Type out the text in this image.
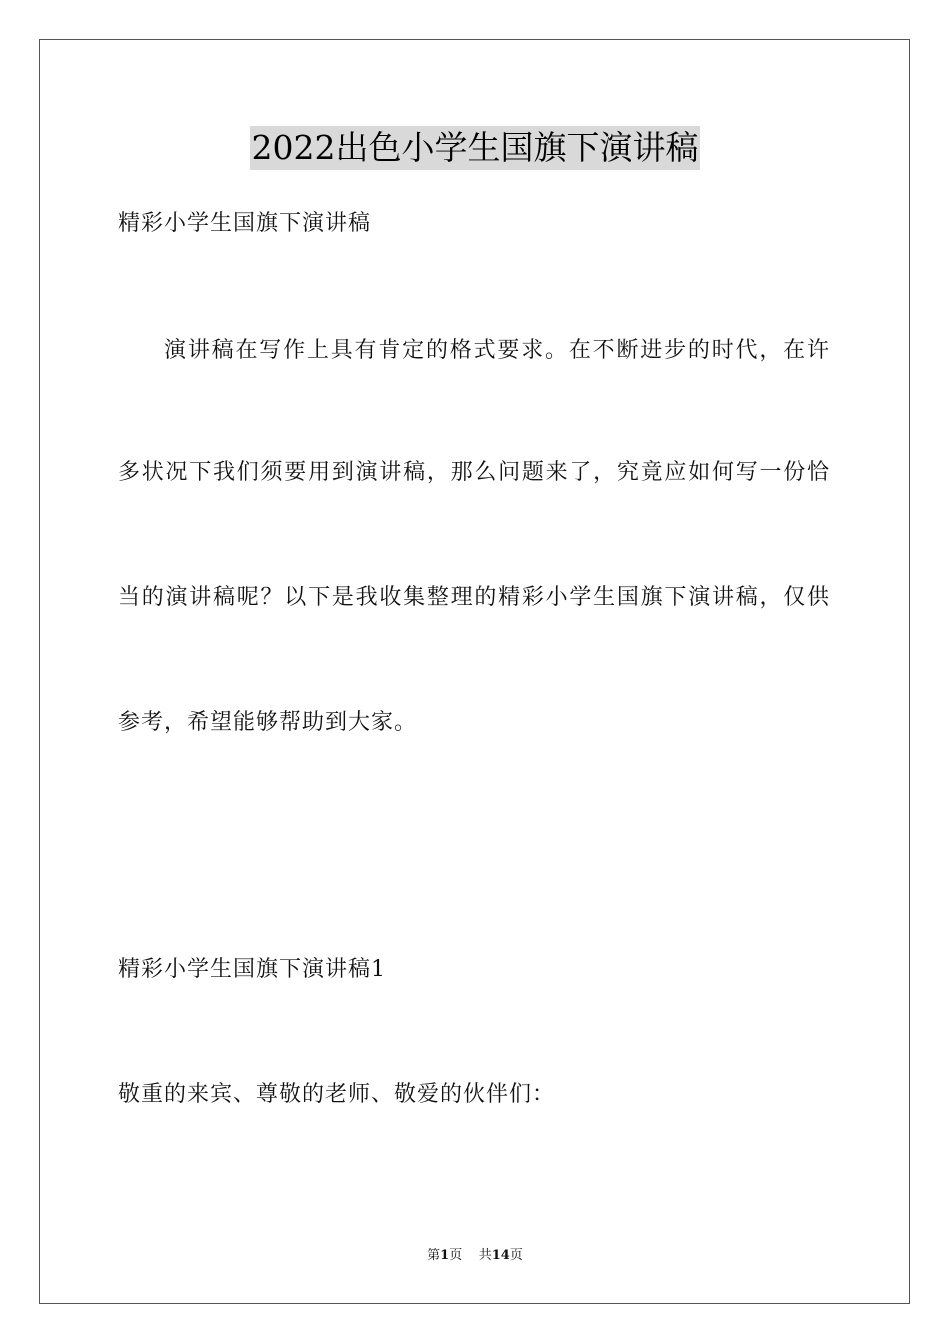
2022出色小学生国旗下演讲稿
精彩小学生国旗下演讲稿
演讲稿在写作上具有肯定的格式要求。在不断进步的时代，在许
多状况下我们须要用到演讲稿，那么问题来了，究竟应如何写一份恰
当的演讲稿呢？以下是我收集整理的精彩小学生国旗下演讲稿，仅供
参考，希望能够帮助到大家。
精彩小学生国旗下演讲稿1
敬重的来宾、尊敬的老师、敬爱的伙伴们：
第1页 共14页
